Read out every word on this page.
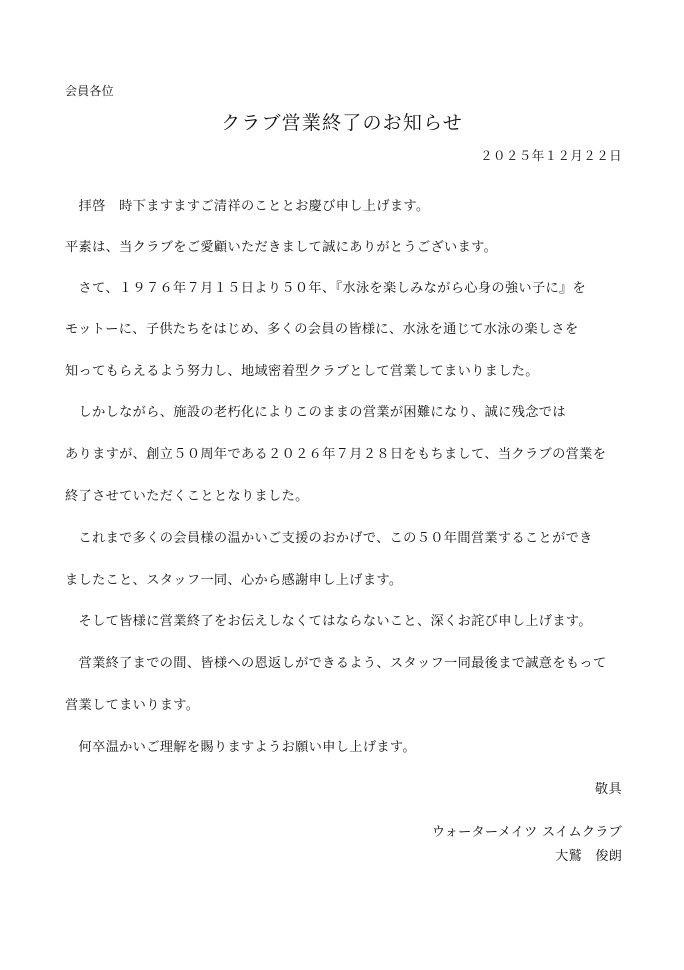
会員各位
クラブ営業終了のお知らせ
２０２５年１２月２２日
　拝啓　時下ますますご清祥のこととお慶び申し上げます。
平素は、当クラブをご愛顧いただきまして誠にありがとうございます。
　さて、１９７６年７月１５日より５０年、『水泳を楽しみながら心身の強い子に』を
モットーに、子供たちをはじめ、多くの会員の皆様に、水泳を通じて水泳の楽しさを
知ってもらえるよう努力し、地域密着型クラブとして営業してまいりました。
　しかしながら、施設の老朽化によりこのままの営業が困難になり、誠に残念では
ありますが、創立５０周年である２０２６年７月２８日をもちまして、当クラブの営業を
終了させていただくこととなりました。
　これまで多くの会員様の温かいご支援のおかげで、この５０年間営業することができ
ましたこと、スタッフ一同、心から感謝申し上げます。
　そして皆様に営業終了をお伝えしなくてはならないこと、深くお詫び申し上げます。
　営業終了までの間、皆様への恩返しができるよう、スタッフ一同最後まで誠意をもって
営業してまいります。
　何卒温かいご理解を賜りますようお願い申し上げます。
敬具
ウォーターメイツ スイムクラブ
大鷲　俊朗
